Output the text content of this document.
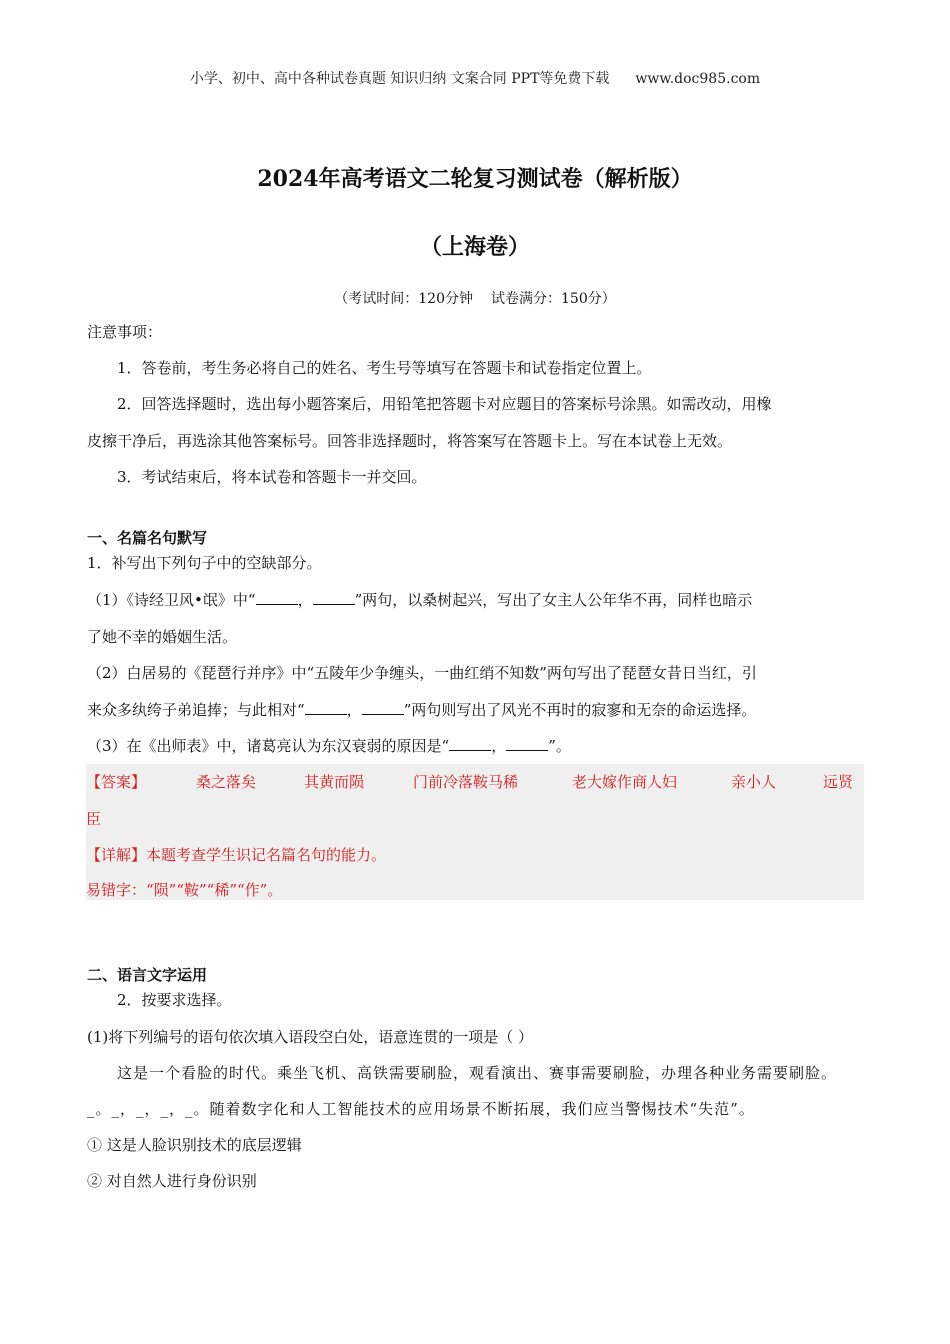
小学、初中、高中各种试卷真题 知识归纳 文案合同 PPT等免费下载 www.doc985.com
2024年高考语文二轮复习测试卷（解析版）
（上海卷）
（考试时间：120分钟 试卷满分：150分）
注意事项：
1．答卷前，考生务必将自己的姓名、考生号等填写在答题卡和试卷指定位置上。
2．回答选择题时，选出每小题答案后，用铅笔把答题卡对应题目的答案标号涂黑。如需改动，用橡
皮擦干净后，再选涂其他答案标号。回答非选择题时，将答案写在答题卡上。写在本试卷上无效。
3．考试结束后，将本试卷和答题卡一并交回。
一、名篇名句默写
1．补写出下列句子中的空缺部分。
（1）《诗经卫风•氓》中“	，	”两句，以桑树起兴，写出了女主人公年华不再，同样也暗示
了她不幸的婚姻生活。
（2）白居易的《琵琶行并序》中“五陵年少争缠头，一曲红绡不知数”两句写出了琵琶女昔日当红，引
来众多纨绔子弟追捧；与此相对“	，	”两句则写出了风光不再时的寂寥和无奈的命运选择。
（3）在《出师表》中，诸葛亮认为东汉衰弱的原因是“	，	”。
【答案】	桑之落矣	其黄而陨	门前冷落鞍马稀	老大嫁作商人妇	亲小人	远贤
臣
【详解】本题考查学生识记名篇名句的能力。
易错字：“陨”“鞍”“稀”“作”。
二、语言文字运用
2．按要求选择。
(1)将下列编号的语句依次填入语段空白处，语意连贯的一项是（ ）
这是一个看脸的时代。乘坐飞机、高铁需要刷脸，观看演出、赛事需要刷脸，办理各种业务需要刷脸。
_。_，_，_，_。随着数字化和人工智能技术的应用场景不断拓展，我们应当警惕技术“失范”。
① 这是人脸识别技术的底层逻辑
② 对自然人进行身份识别
